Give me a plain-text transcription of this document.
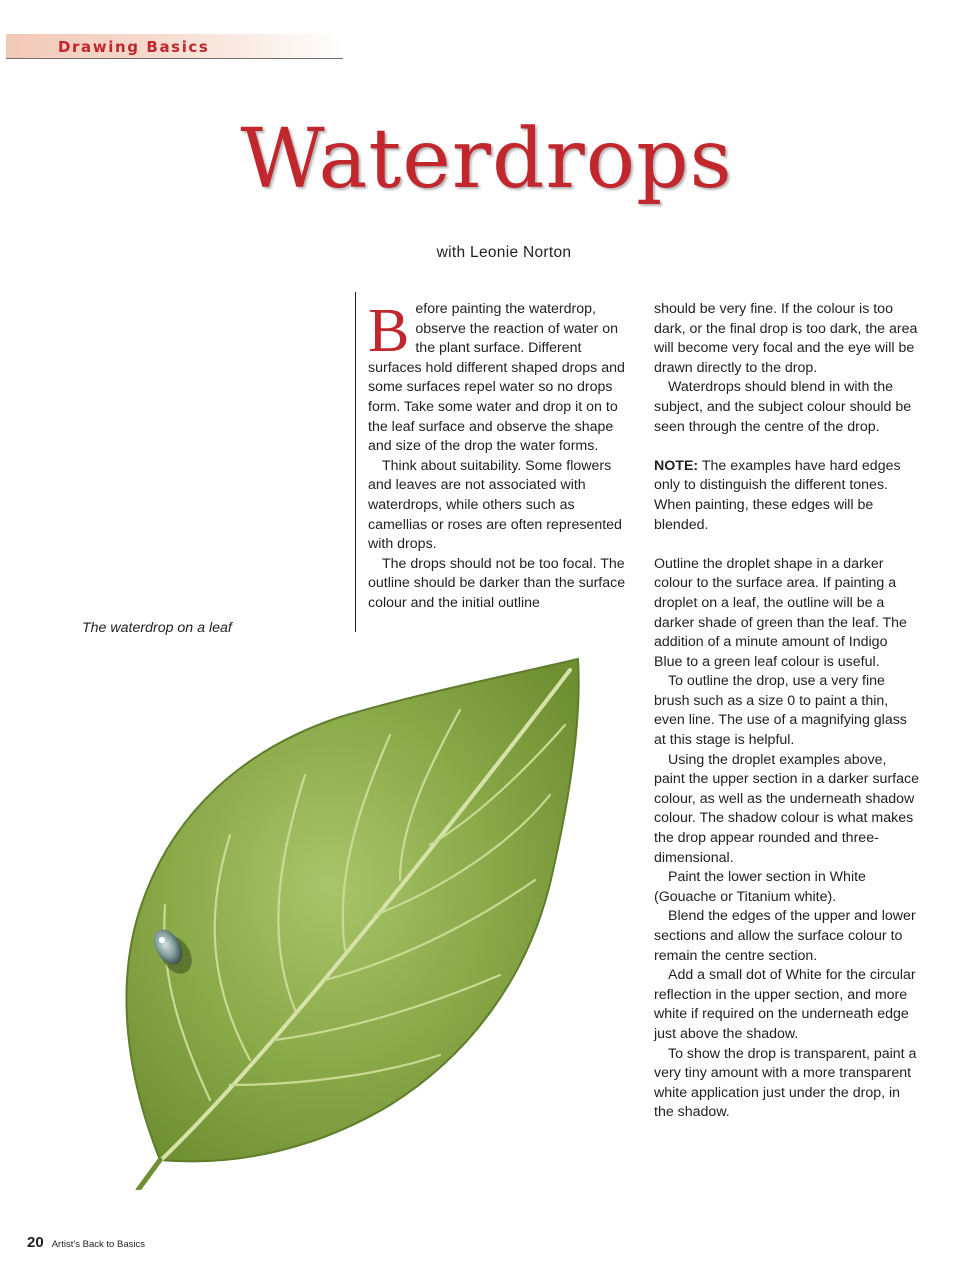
Drawing Basics
Waterdrops
with Leonie Norton

Before painting the waterdrop, observe the reaction of water on the plant surface. Different surfaces hold different shaped drops and some surfaces repel water so no drops form. Take some water and drop it on to the leaf surface and observe the shape and size of the drop the water forms.

Think about suitability. Some flowers and leaves are not associated with waterdrops, while others such as camellias or roses are often represented with drops.

The drops should not be too focal. The outline should be darker than the surface colour and the initial outline

should be very fine. If the colour is too dark, or the final drop is too dark, the area will become very focal and the eye will be drawn directly to the drop.

Waterdrops should blend in with the subject, and the subject colour should be seen through the centre of the drop.

NOTE: The examples have hard edges only to distinguish the different tones. When painting, these edges will be blended.

Outline the droplet shape in a darker colour to the surface area. If painting a droplet on a leaf, the outline will be a darker shade of green than the leaf. The addition of a minute amount of Indigo Blue to a green leaf colour is useful.

To outline the drop, use a very fine brush such as a size 0 to paint a thin, even line. The use of a magnifying glass at this stage is helpful.

Using the droplet examples above, paint the upper section in a darker surface colour, as well as the underneath shadow colour. The shadow colour is what makes the drop appear rounded and three-dimensional.

Paint the lower section in White (Gouache or Titanium white).

Blend the edges of the upper and lower sections and allow the surface colour to remain the centre section.

Add a small dot of White for the circular reflection in the upper section, and more white if required on the underneath edge just above the shadow.

To show the drop is transparent, paint a very tiny amount with a more transparent white application just under the drop, in the shadow.

The waterdrop on a leaf
20 Artist’s Back to Basics
